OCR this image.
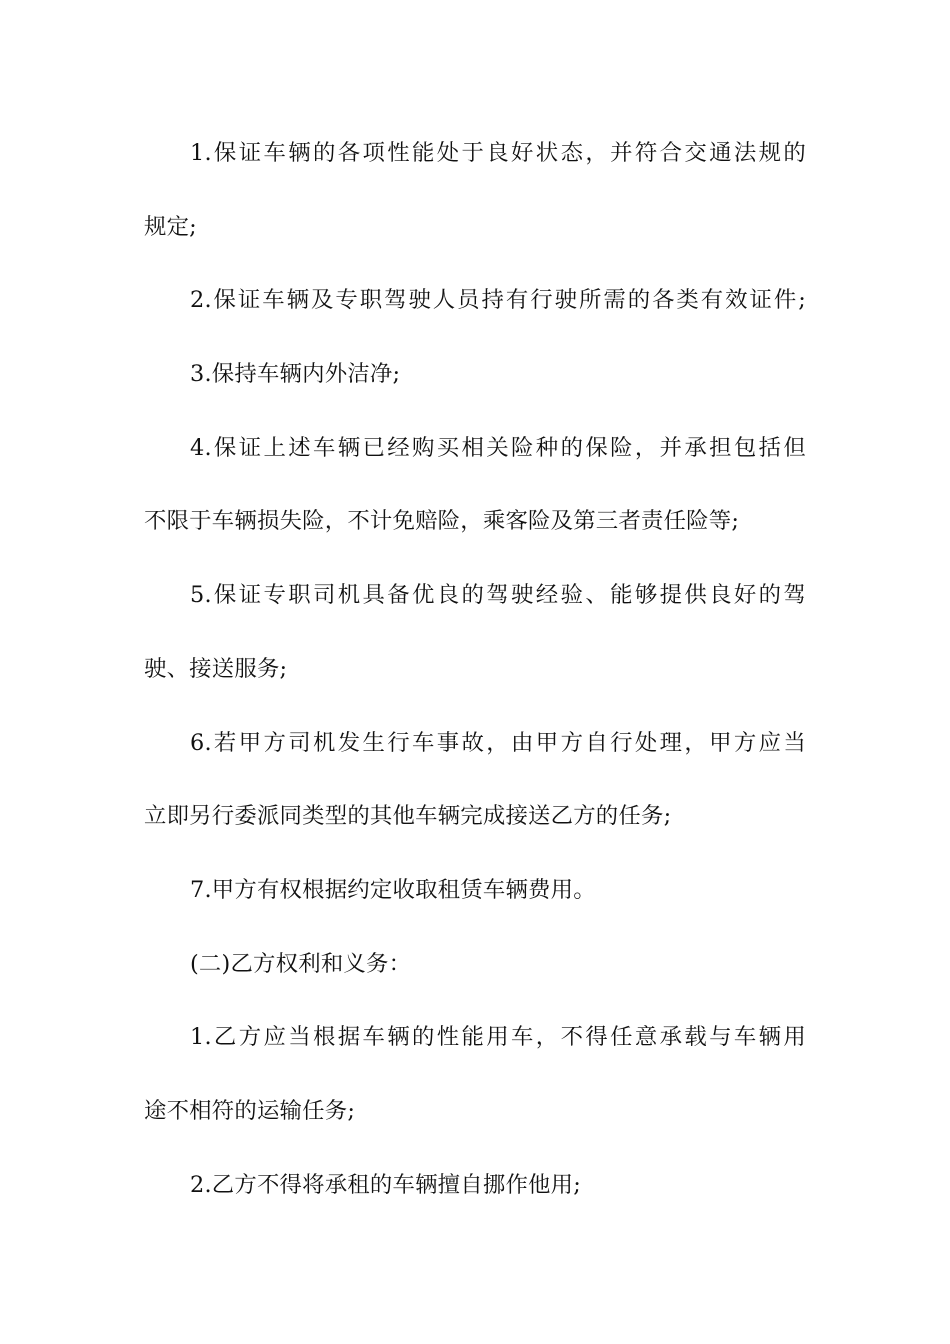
1.保证车辆的各项性能处于良好状态，并符合交通法规的
规定;
2.保证车辆及专职驾驶人员持有行驶所需的各类有效证件;
3.保持车辆内外洁净;
4.保证上述车辆已经购买相关险种的保险，并承担包括但
不限于车辆损失险，不计免赔险，乘客险及第三者责任险等;
5.保证专职司机具备优良的驾驶经验、能够提供良好的驾
驶、接送服务;
6.若甲方司机发生行车事故，由甲方自行处理，甲方应当
立即另行委派同类型的其他车辆完成接送乙方的任务;
7.甲方有权根据约定收取租赁车辆费用。
(二)乙方权利和义务：
1.乙方应当根据车辆的性能用车，不得任意承载与车辆用
途不相符的运输任务;
2.乙方不得将承租的车辆擅自挪作他用;
